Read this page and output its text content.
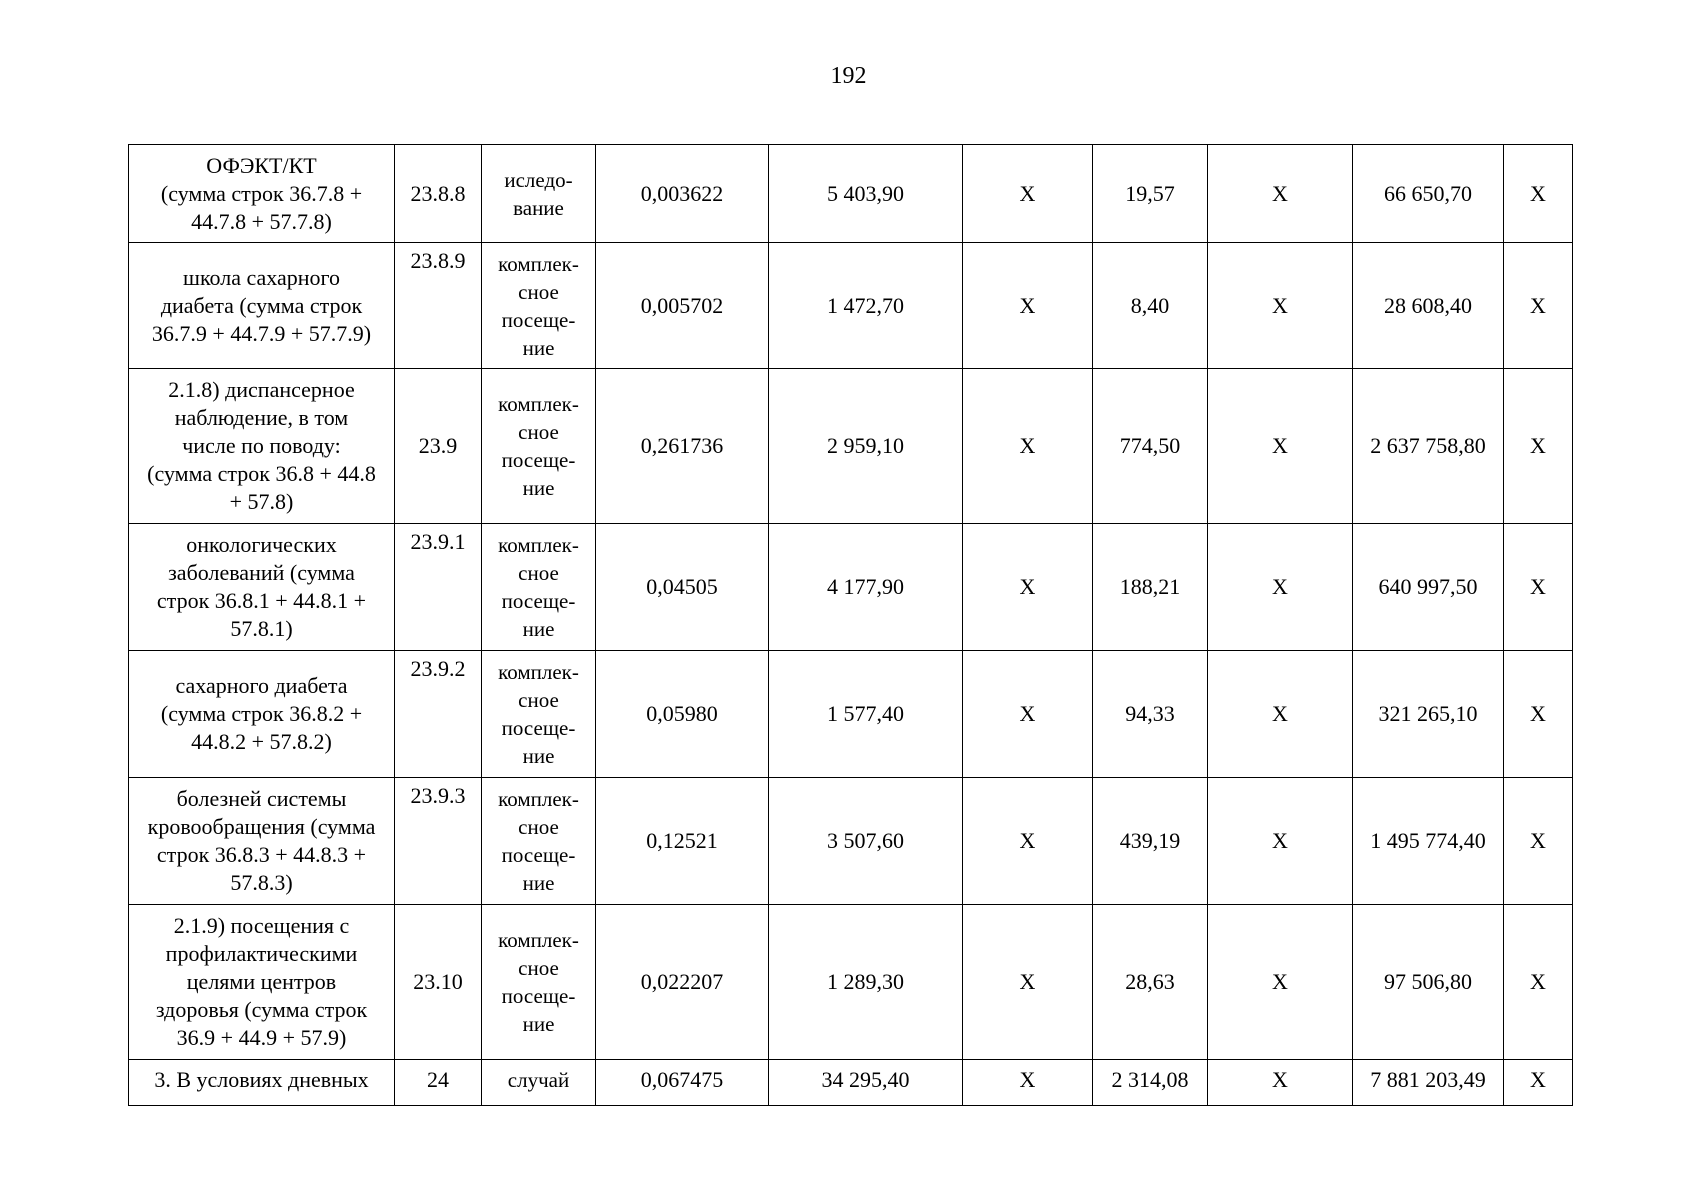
192
ОФЭКТ/КТ
(сумма строк 36.7.8 +
44.7.8 + 57.7.8)	23.8.8	иследо-
вание	0,003622	5 403,90	Х	19,57	Х	66 650,70	Х

школа сахарного
диабета (сумма строк
36.7.9 + 44.7.9 + 57.7.9)	23.8.9	комплек-
сное
посеще-
ние	0,005702	1 472,70	Х	8,40	Х	28 608,40	Х

2.1.8) диспансерное
наблюдение, в том
числе по поводу:
(сумма строк 36.8 + 44.8
+ 57.8)	23.9	комплек-
сное
посеще-
ние	0,261736	2 959,10	Х	774,50	Х	2 637 758,80	Х

онкологических
заболеваний (сумма
строк 36.8.1 + 44.8.1 +
57.8.1)	23.9.1	комплек-
сное
посеще-
ние	0,04505	4 177,90	Х	188,21	Х	640 997,50	Х

сахарного диабета
(сумма строк 36.8.2 +
44.8.2 + 57.8.2)	23.9.2	комплек-
сное
посеще-
ние	0,05980	1 577,40	Х	94,33	Х	321 265,10	Х

болезней системы
кровообращения (сумма
строк 36.8.3 + 44.8.3 +
57.8.3)	23.9.3	комплек-
сное
посеще-
ние	0,12521	3 507,60	Х	439,19	Х	1 495 774,40	Х

2.1.9) посещения с
профилактическими
целями центров
здоровья (сумма строк
36.9 + 44.9 + 57.9)	23.10	комплек-
сное
посеще-
ние	0,022207	1 289,30	Х	28,63	Х	97 506,80	Х

3. В условиях дневных	24	случай	0,067475	34 295,40	Х	2 314,08	Х	7 881 203,49	Х
